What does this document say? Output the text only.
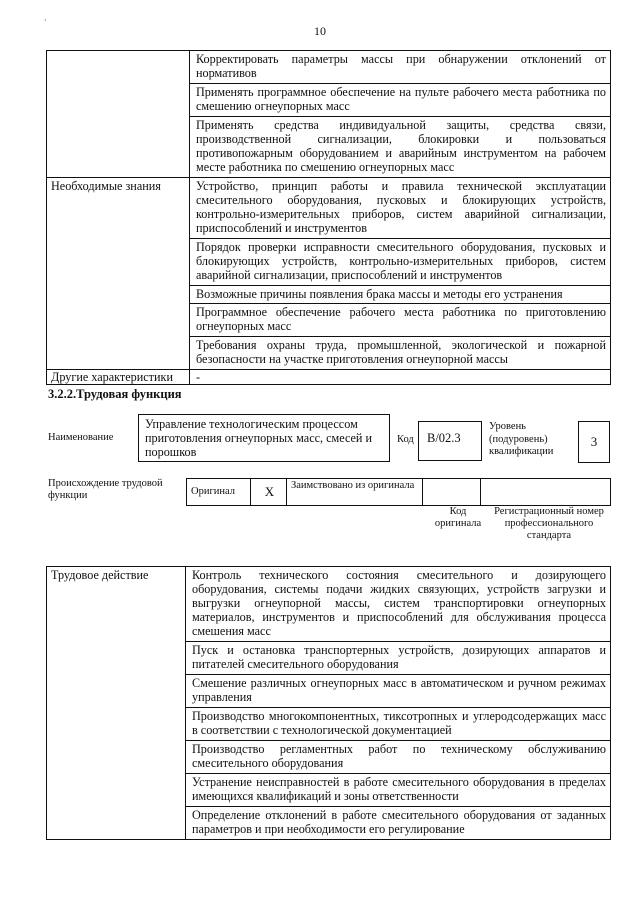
·
10
	Корректировать параметры массы при обнаружении отклонений от нормативов
	Применять программное обеспечение на пульте рабочего места работника по смешению огнеупорных масс
	Применять средства индивидуальной защиты, средства связи, производственной сигнализации, блокировки и пользоваться противопожарным оборудованием и аварийным инструментом на рабочем месте работника по смешению огнеупорных масс
Необходимые знания	Устройство, принцип работы и правила технической эксплуатации смесительного оборудования, пусковых и блокирующих устройств, контрольно-измерительных приборов, систем аварийной сигнализации, приспособлений и инструментов
	Порядок проверки исправности смесительного оборудования, пусковых и блокирующих устройств, контрольно-измерительных приборов, систем аварийной сигнализации, приспособлений и инструментов
	Возможные причины появления брака массы и методы его устранения
	Программное обеспечение рабочего места работника по приготовлению огнеупорных масс
	Требования охраны труда, промышленной, экологической и пожарной безопасности на участке приготовления огнеупорной массы
Другие характеристики	-
3.2.2.Трудовая функция
Наименование
Управление технологическим процессом приготовления огнеупорных масс, смесей и порошков
Код	B/02.3
Уровень (подуровень) квалификации
3
Происхождение трудовой функции	Оригинал	X	Заимствовано из оригинала		
Код оригинала
Регистрационный номер профессионального стандарта
Трудовое действие	Контроль технического состояния смесительного и дозирующего оборудования, системы подачи жидких связующих, устройств загрузки и выгрузки огнеупорной массы, систем транспортировки огнеупорных материалов, инструментов и приспособлений для обслуживания процесса смешения масс
Пуск и остановка транспортерных устройств, дозирующих аппаратов и питателей смесительного оборудования
Смешение различных огнеупорных масс в автоматическом и ручном режимах управления
Производство многокомпонентных, тиксотропных и углеродсодержащих масс в соответствии с технологической документацией
Производство регламентных работ по техническому обслуживанию смесительного оборудования
Устранение неисправностей в работе смесительного оборудования в пределах имеющихся квалификаций и зоны ответственности
Определение отклонений в работе смесительного оборудования от заданных параметров и при необходимости его регулирование
